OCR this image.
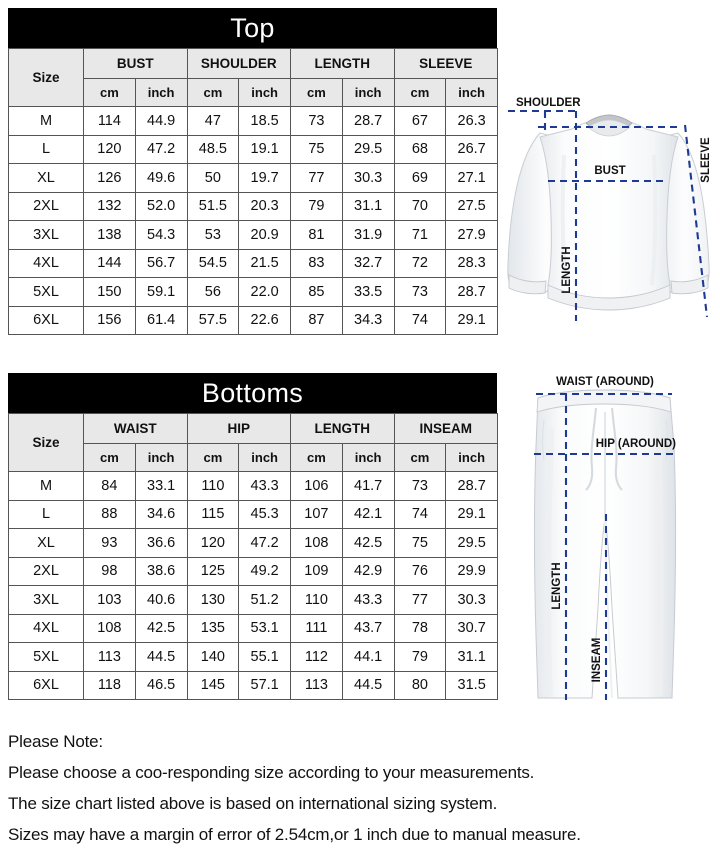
Top
Size	BUST		SHOULDER		LENGTH		SLEEVE	
	cm	inch	cm	inch	cm	inch	cm	inch
M	114	44.9	47	18.5	73	28.7	67	26.3
L	120	47.2	48.5	19.1	75	29.5	68	26.7
XL	126	49.6	50	19.7	77	30.3	69	27.1
2XL	132	52.0	51.5	20.3	79	31.1	70	27.5
3XL	138	54.3	53	20.9	81	31.9	71	27.9
4XL	144	56.7	54.5	21.5	83	32.7	72	28.3
5XL	150	59.1	56	22.0	85	33.5	73	28.7
6XL	156	61.4	57.5	22.6	87	34.3	74	29.1
Bottoms
Size	WAIST		HIP		LENGTH		INSEAM	
	cm	inch	cm	inch	cm	inch	cm	inch
M	84	33.1	110	43.3	106	41.7	73	28.7
L	88	34.6	115	45.3	107	42.1	74	29.1
XL	93	36.6	120	47.2	108	42.5	75	29.5
2XL	98	38.6	125	49.2	109	42.9	76	29.9
3XL	103	40.6	130	51.2	110	43.3	77	30.3
4XL	108	42.5	135	53.1	111	43.7	78	30.7
5XL	113	44.5	140	55.1	112	44.1	79	31.1
6XL	118	46.5	145	57.1	113	44.5	80	31.5
SHOULDER
BUST
LENGTH
SLEEVE
WAIST (AROUND)
HIP (AROUND)
LENGTH
INSEAM
Please Note:
Please choose a coo-responding size according to your measurements.
The size chart listed above is based on international sizing system.
Sizes may have a margin of error of 2.54cm,or 1 inch due to manual measure.
